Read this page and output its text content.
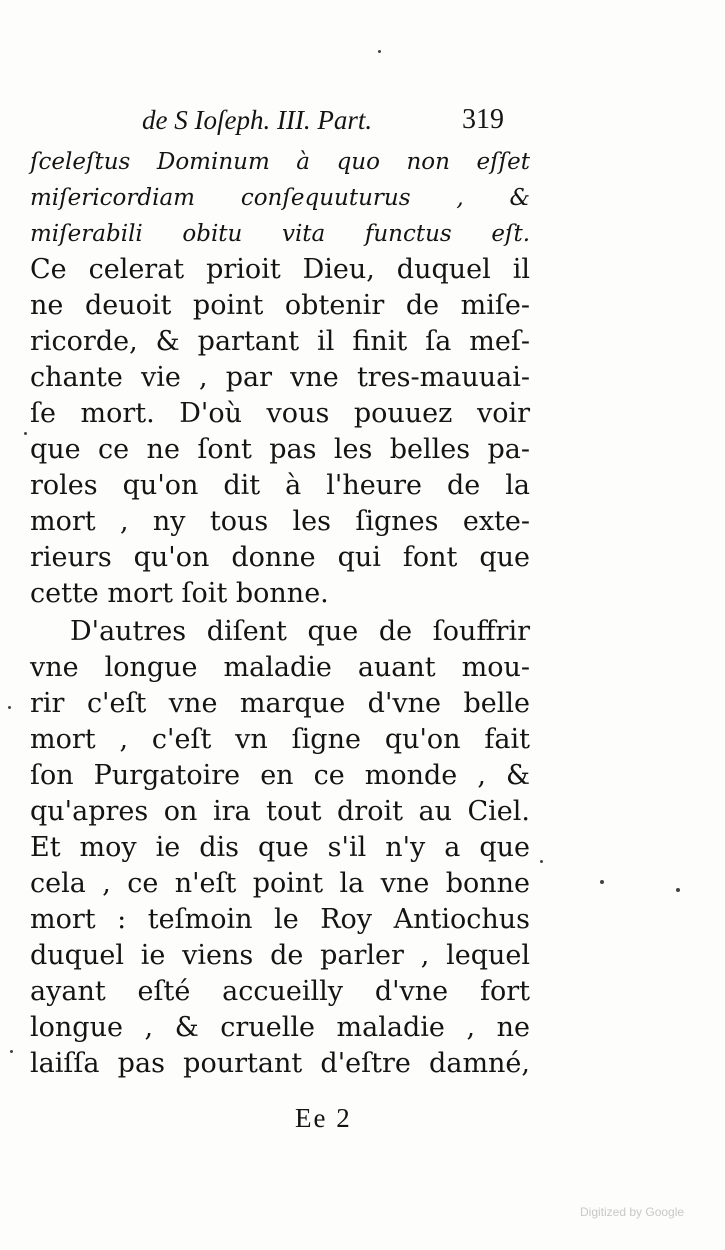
de S Ioſeph. III. Part.	319
ſceleſtus Dominum à quo non eſſet
miſericordiam conſequuturus , &
miſerabili obitu vita functus eſt.
Ce celerat prioit Dieu, duquel il
ne deuoit point obtenir de miſe-
ricorde, & partant il finit ſa meſ-
chante vie , par vne tres-mauuai-
ſe mort. D'où vous pouuez voir
que ce ne ſont pas les belles pa-
roles qu'on dit à l'heure de la
mort , ny tous les ſignes exte-
rieurs qu'on donne qui font que
cette mort ſoit bonne.
D'autres diſent que de ſouffrir
vne longue maladie auant mou-
rir c'eſt vne marque d'vne belle
mort , c'eſt vn ſigne qu'on fait
ſon Purgatoire en ce monde , &
qu'apres on ira tout droit au Ciel.
Et moy ie dis que s'il n'y a que
cela , ce n'eſt point la vne bonne
mort : teſmoin le Roy Antiochus
duquel ie viens de parler , lequel
ayant eſté accueilly d'vne fort
longue , & cruelle maladie , ne
laiſſa pas pourtant d'eſtre damné,
Ee 2
Digitized by Google
